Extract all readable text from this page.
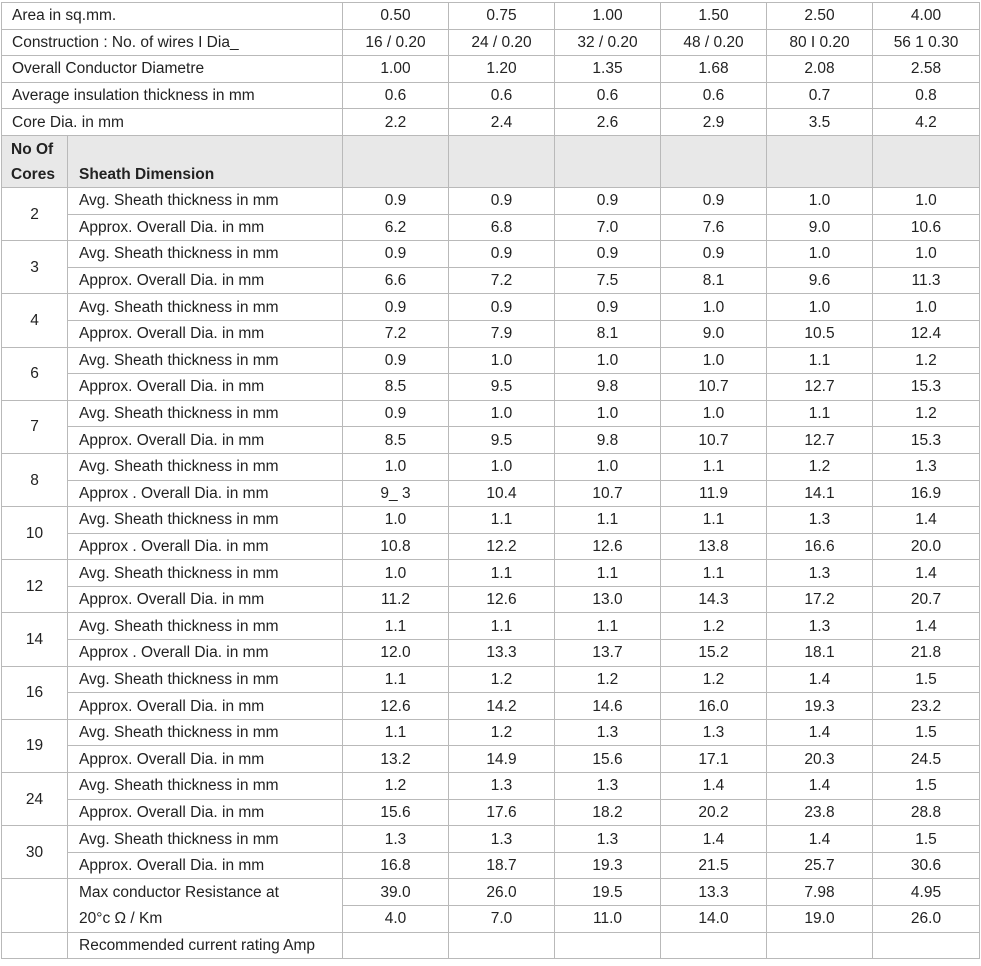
Area in sq.mm.		0.50	0.75	1.00	1.50	2.50	4.00
Construction : No. of wires I Dia_		16 / 0.20	24 / 0.20	32 / 0.20	48 / 0.20	80 I 0.20	56 1 0.30
Overall Conductor Diametre		1.00	1.20	1.35	1.68	2.08	2.58
Average insulation thickness in mm		0.6	0.6	0.6	0.6	0.7	0.8
Core Dia. in mm		2.2	2.4	2.6	2.9	3.5	4.2

No Of
Cores	Sheath Dimension						
2	Avg. Sheath thickness in mm	0.9	0.9	0.9	0.9	1.0	1.0
	Approx. Overall Dia. in mm	6.2	6.8	7.0	7.6	9.0	10.6
3	Avg. Sheath thickness in mm	0.9	0.9	0.9	0.9	1.0	1.0
	Approx. Overall Dia. in mm	6.6	7.2	7.5	8.1	9.6	11.3
4	Avg. Sheath thickness in mm	0.9	0.9	0.9	1.0	1.0	1.0
	Approx. Overall Dia. in mm	7.2	7.9	8.1	9.0	10.5	12.4
6	Avg. Sheath thickness in mm	0.9	1.0	1.0	1.0	1.1	1.2
	Approx. Overall Dia. in mm	8.5	9.5	9.8	10.7	12.7	15.3
7	Avg. Sheath thickness in mm	0.9	1.0	1.0	1.0	1.1	1.2
	Approx. Overall Dia. in mm	8.5	9.5	9.8	10.7	12.7	15.3
8	Avg. Sheath thickness in mm	1.0	1.0	1.0	1.1	1.2	1.3
	Approx . Overall Dia. in mm	9_ 3	10.4	10.7	11.9	14.1	16.9
10	Avg. Sheath thickness in mm	1.0	1.1	1.1	1.1	1.3	1.4
	Approx . Overall Dia. in mm	10.8	12.2	12.6	13.8	16.6	20.0
12	Avg. Sheath thickness in mm	1.0	1.1	1.1	1.1	1.3	1.4
	Approx. Overall Dia. in mm	11.2	12.6	13.0	14.3	17.2	20.7
14	Avg. Sheath thickness in mm	1.1	1.1	1.1	1.2	1.3	1.4
	Approx . Overall Dia. in mm	12.0	13.3	13.7	15.2	18.1	21.8
16	Avg. Sheath thickness in mm	1.1	1.2	1.2	1.2	1.4	1.5
	Approx. Overall Dia. in mm	12.6	14.2	14.6	16.0	19.3	23.2
19	Avg. Sheath thickness in mm	1.1	1.2	1.3	1.3	1.4	1.5
	Approx. Overall Dia. in mm	13.2	14.9	15.6	17.1	20.3	24.5
24	Avg. Sheath thickness in mm	1.2	1.3	1.3	1.4	1.4	1.5
	Approx. Overall Dia. in mm	15.6	17.6	18.2	20.2	23.8	28.8
30	Avg. Sheath thickness in mm	1.3	1.3	1.3	1.4	1.4	1.5
	Approx. Overall Dia. in mm	16.8	18.7	19.3	21.5	25.7	30.6
	Max conductor Resistance at	39.0	26.0	19.5	13.3	7.98	4.95
	20°c Ω / Km	4.0	7.0	11.0	14.0	19.0	26.0
	Recommended current rating Amp						
